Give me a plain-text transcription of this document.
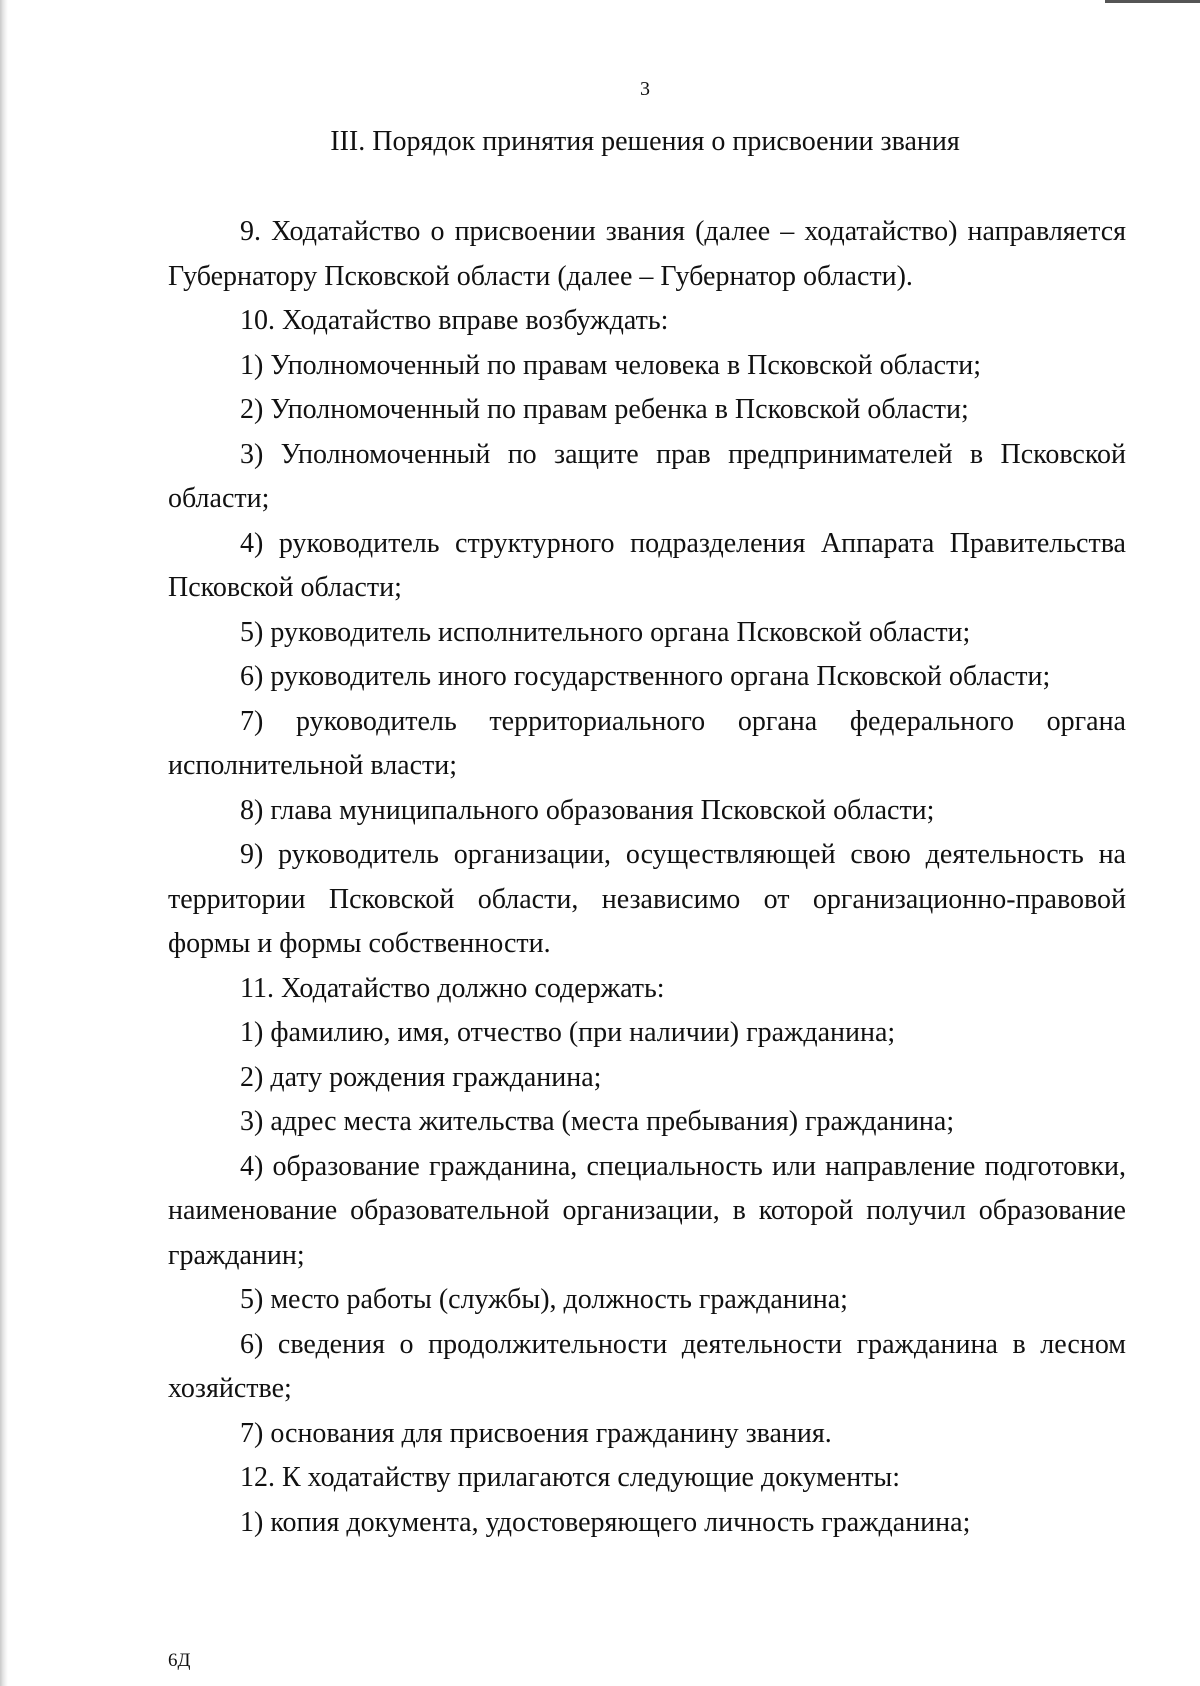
3
III. Порядок принятия решения о присвоении звания

9. Ходатайство о присвоении звания (далее – ходатайство) направляется Губернатору Псковской области (далее – Губернатор области).

10. Ходатайство вправе возбуждать:

1) Уполномоченный по правам человека в Псковской области;

2) Уполномоченный по правам ребенка в Псковской области;

3) Уполномоченный по защите прав предпринимателей в Псковской области;

4) руководитель структурного подразделения Аппарата Правительства Псковской области;

5) руководитель исполнительного органа Псковской области;

6) руководитель иного государственного органа Псковской области;

7) руководитель территориального органа федерального органа исполнительной власти;

8) глава муниципального образования Псковской области;

9) руководитель организации, осуществляющей свою деятельность на территории Псковской области, независимо от организационно-правовой формы и формы собственности.

11. Ходатайство должно содержать:

1) фамилию, имя, отчество (при наличии) гражданина;

2) дату рождения гражданина;

3) адрес места жительства (места пребывания) гражданина;

4) образование гражданина, специальность или направление подготовки, наименование образовательной организации, в которой получил образование гражданин;

5) место работы (службы), должность гражданина;

6) сведения о продолжительности деятельности гражданина в лесном хозяйстве;

7) основания для присвоения гражданину звания.

12. К ходатайству прилагаются следующие документы:

1) копия документа, удостоверяющего личность гражданина;

6Д
